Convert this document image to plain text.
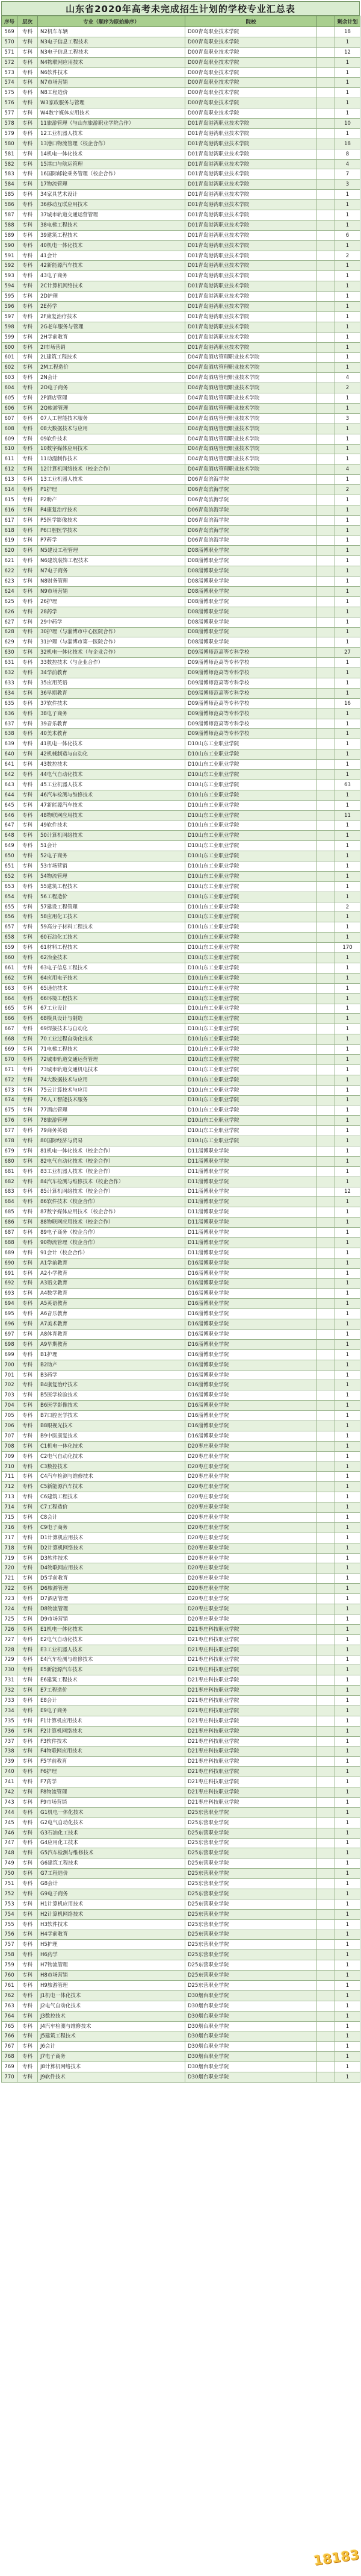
山东省2020年高考未完成招生计划的学校专业汇总表
序号	层次	专业（顺序为原始排序）	院校		剩余计划
569	专科	N2机车车辆	D00青岛职业技术学院		18
570	专科	N3电子信息工程技术	D00青岛职业技术学院		1
571	专科	N3电子信息工程技术	D00青岛职业技术学院		12
572	专科	N4物联网应用技术	D00青岛职业技术学院		1
573	专科	N6软件技术	D00青岛职业技术学院		1
574	专科	N7市场营销	D00青岛职业技术学院		1
575	专科	N8工程造价	D00青岛职业技术学院		1
576	专科	W3家政服务与管理	D00青岛职业技术学院		1
577	专科	W4数字媒体应用技术	D00青岛职业技术学院		1
578	专科	11旅游管理（与山东旅游职业学院合作）	D01青岛港湾职业技术学院		10
579	专科	12工业机器人技术	D01青岛港湾职业技术学院		1
580	专科	13港口物流管理（校企合作）	D01青岛港湾职业技术学院		18
581	专科	14机电一体化技术	D01青岛港湾职业技术学院		8
582	专科	15港口与航运管理	D01青岛港湾职业技术学院		4
583	专科	16国际邮轮乘务管理（校企合作）	D01青岛港湾职业技术学院		7
584	专科	17物流管理	D01青岛港湾职业技术学院		3
585	专科	34家具艺术设计	D01青岛港湾职业技术学院		1
586	专科	36移动互联应用技术	D01青岛港湾职业技术学院		1
587	专科	37城市轨道交通运营管理	D01青岛港湾职业技术学院		1
588	专科	38电梯工程技术	D01青岛港湾职业技术学院		1
589	专科	39建筑工程技术	D01青岛港湾职业技术学院		6
590	专科	40机电一体化技术	D01青岛港湾职业技术学院		1
591	专科	41会计	D01青岛港湾职业技术学院		2
592	专科	42新能源汽车技术	D01青岛港湾职业技术学院		1
593	专科	43电子商务	D01青岛港湾职业技术学院		1
594	专科	2C计算机网络技术	D01青岛港湾职业技术学院		1
595	专科	2D护理	D01青岛港湾职业技术学院		1
596	专科	2E药学	D01青岛港湾职业技术学院		1
597	专科	2F康复治疗技术	D01青岛港湾职业技术学院		1
598	专科	2G老年服务与管理	D01青岛港湾职业技术学院		1
599	专科	2H学前教育	D01青岛港湾职业技术学院		1
600	专科	2I市场营销	D01青岛港湾职业技术学院		1
601	专科	2L建筑工程技术	D04青岛酒店管理职业技术学院		1
602	专科	2M工程造价	D04青岛酒店管理职业技术学院		1
603	专科	2N会计	D04青岛酒店管理职业技术学院		4
604	专科	2O电子商务	D04青岛酒店管理职业技术学院		2
605	专科	2P酒店管理	D04青岛酒店管理职业技术学院		1
606	专科	2Q旅游管理	D04青岛酒店管理职业技术学院		1
607	专科	07人工智能技术服务	D04青岛酒店管理职业技术学院		3
608	专科	08大数据技术与应用	D04青岛酒店管理职业技术学院		1
609	专科	09软件技术	D04青岛酒店管理职业技术学院		1
610	专科	10数字媒体应用技术	D04青岛酒店管理职业技术学院		1
611	专科	11动漫制作技术	D04青岛酒店管理职业技术学院		1
612	专科	12计算机网络技术（校企合作）	D04青岛酒店管理职业技术学院		4
613	专科	13工业机器人技术	D06青岛滨海学院		1
614	专科	P1护理	D06青岛滨海学院		2
615	专科	P2助产	D06青岛滨海学院		1
616	专科	P4康复治疗技术	D06青岛滨海学院		1
617	专科	P5医学影像技术	D06青岛滨海学院		1
618	专科	P6口腔医学技术	D06青岛滨海学院		1
619	专科	P7药学	D06青岛滨海学院		1
620	专科	N5建设工程管理	D08淄博职业学院		1
621	专科	N6建筑装饰工程技术	D08淄博职业学院		1
622	专科	N7电子商务	D08淄博职业学院		1
623	专科	N8财务管理	D08淄博职业学院		1
624	专科	N9市场营销	D08淄博职业学院		1
625	专科	26护理	D08淄博职业学院		1
626	专科	28药学	D08淄博职业学院		1
627	专科	29中药学	D08淄博职业学院		1
628	专科	30护理（与淄博市中心医院合作）	D08淄博职业学院		1
629	专科	31护理（与淄博市第一医院合作）	D08淄博职业学院		1
630	专科	32机电一体化技术（与企业合作）	D09淄博师范高等专科学校		27
631	专科	33数控技术（与企业合作）	D09淄博师范高等专科学校		1
632	专科	34学前教育	D09淄博师范高等专科学校		1
633	专科	35应用英语	D09淄博师范高等专科学校		1
634	专科	36早期教育	D09淄博师范高等专科学校		1
635	专科	37软件技术	D09淄博师范高等专科学校		16
636	专科	38电子商务	D09淄博师范高等专科学校		1
637	专科	39音乐教育	D09淄博师范高等专科学校		1
638	专科	40美术教育	D09淄博师范高等专科学校		1
639	专科	41机电一体化技术	D10山东工业职业学院		1
640	专科	42机械制造与自动化	D10山东工业职业学院		1
641	专科	43数控技术	D10山东工业职业学院		1
642	专科	44电气自动化技术	D10山东工业职业学院		1
643	专科	45工业机器人技术	D10山东工业职业学院		63
644	专科	46汽车检测与维修技术	D10山东工业职业学院		1
645	专科	47新能源汽车技术	D10山东工业职业学院		1
646	专科	48物联网应用技术	D10山东工业职业学院		11
647	专科	49软件技术	D10山东工业职业学院		1
648	专科	50计算机网络技术	D10山东工业职业学院		1
649	专科	51会计	D10山东工业职业学院		1
650	专科	52电子商务	D10山东工业职业学院		1
651	专科	53市场营销	D10山东工业职业学院		1
652	专科	54物流管理	D10山东工业职业学院		1
653	专科	55建筑工程技术	D10山东工业职业学院		1
654	专科	56工程造价	D10山东工业职业学院		1
655	专科	57建设工程管理	D10山东工业职业学院		2
656	专科	58应用化工技术	D10山东工业职业学院		1
657	专科	59高分子材料工程技术	D10山东工业职业学院		1
658	专科	60石油化工技术	D10山东工业职业学院		1
659	专科	61材料工程技术	D10山东工业职业学院		170
660	专科	62冶金技术	D10山东工业职业学院		1
661	专科	63电子信息工程技术	D10山东工业职业学院		1
662	专科	64应用电子技术	D10山东工业职业学院		1
663	专科	65通信技术	D10山东工业职业学院		1
664	专科	66环境工程技术	D10山东工业职业学院		1
665	专科	67工业设计	D10山东工业职业学院		1
666	专科	68模具设计与制造	D10山东工业职业学院		1
667	专科	69焊接技术与自动化	D10山东工业职业学院		1
668	专科	70工业过程自动化技术	D10山东工业职业学院		1
669	专科	71电梯工程技术	D10山东工业职业学院		1
670	专科	72城市轨道交通运营管理	D10山东工业职业学院		1
671	专科	73城市轨道交通机电技术	D10山东工业职业学院		1
672	专科	74大数据技术与应用	D10山东工业职业学院		1
673	专科	75云计算技术与应用	D10山东工业职业学院		1
674	专科	76人工智能技术服务	D10山东工业职业学院		1
675	专科	77酒店管理	D10山东工业职业学院		1
676	专科	78旅游管理	D10山东工业职业学院		1
677	专科	79商务英语	D10山东工业职业学院		1
678	专科	80国际经济与贸易	D10山东工业职业学院		1
679	专科	81机电一体化技术（校企合作）	D11淄博职业学院		1
680	专科	82电气自动化技术（校企合作）	D11淄博职业学院		1
681	专科	83工业机器人技术（校企合作）	D11淄博职业学院		1
682	专科	84汽车检测与维修技术（校企合作）	D11淄博职业学院		1
683	专科	85计算机网络技术（校企合作）	D11淄博职业学院		12
684	专科	86软件技术（校企合作）	D11淄博职业学院		1
685	专科	87数字媒体应用技术（校企合作）	D11淄博职业学院		1
686	专科	88物联网应用技术（校企合作）	D11淄博职业学院		1
687	专科	89电子商务（校企合作）	D11淄博职业学院		1
688	专科	90物流管理（校企合作）	D11淄博职业学院		1
689	专科	91会计（校企合作）	D11淄博职业学院		1
690	专科	A1学前教育	D16淄博职业学院		1
691	专科	A2小学教育	D16淄博职业学院		1
692	专科	A3语文教育	D16淄博职业学院		1
693	专科	A4数学教育	D16淄博职业学院		1
694	专科	A5英语教育	D16淄博职业学院		1
695	专科	A6音乐教育	D16淄博职业学院		1
696	专科	A7美术教育	D16淄博职业学院		1
697	专科	A8体育教育	D16淄博职业学院		1
698	专科	A9早期教育	D16淄博职业学院		1
699	专科	B1护理	D16淄博职业学院		1
700	专科	B2助产	D16淄博职业学院		1
701	专科	B3药学	D16淄博职业学院		1
702	专科	B4康复治疗技术	D16淄博职业学院		1
703	专科	B5医学检验技术	D16淄博职业学院		1
704	专科	B6医学影像技术	D16淄博职业学院		1
705	专科	B7口腔医学技术	D16淄博职业学院		1
706	专科	B8眼视光技术	D16淄博职业学院		1
707	专科	B9中医康复技术	D16淄博职业学院		1
708	专科	C1机电一体化技术	D20枣庄职业学院		1
709	专科	C2电气自动化技术	D20枣庄职业学院		1
710	专科	C3数控技术	D20枣庄职业学院		1
711	专科	C4汽车检测与维修技术	D20枣庄职业学院		1
712	专科	C5新能源汽车技术	D20枣庄职业学院		1
713	专科	C6建筑工程技术	D20枣庄职业学院		1
714	专科	C7工程造价	D20枣庄职业学院		1
715	专科	C8会计	D20枣庄职业学院		1
716	专科	C9电子商务	D20枣庄职业学院		1
717	专科	D1计算机应用技术	D20枣庄职业学院		1
718	专科	D2计算机网络技术	D20枣庄职业学院		1
719	专科	D3软件技术	D20枣庄职业学院		1
720	专科	D4物联网应用技术	D20枣庄职业学院		1
721	专科	D5学前教育	D20枣庄职业学院		1
722	专科	D6旅游管理	D20枣庄职业学院		1
723	专科	D7酒店管理	D20枣庄职业学院		1
724	专科	D8物流管理	D20枣庄职业学院		1
725	专科	D9市场营销	D20枣庄职业学院		1
726	专科	E1机电一体化技术	D21枣庄科技职业学院		1
727	专科	E2电气自动化技术	D21枣庄科技职业学院		1
728	专科	E3工业机器人技术	D21枣庄科技职业学院		1
729	专科	E4汽车检测与维修技术	D21枣庄科技职业学院		1
730	专科	E5新能源汽车技术	D21枣庄科技职业学院		1
731	专科	E6建筑工程技术	D21枣庄科技职业学院		1
732	专科	E7工程造价	D21枣庄科技职业学院		1
733	专科	E8会计	D21枣庄科技职业学院		1
734	专科	E9电子商务	D21枣庄科技职业学院		1
735	专科	F1计算机应用技术	D21枣庄科技职业学院		1
736	专科	F2计算机网络技术	D21枣庄科技职业学院		1
737	专科	F3软件技术	D21枣庄科技职业学院		1
738	专科	F4物联网应用技术	D21枣庄科技职业学院		1
739	专科	F5学前教育	D21枣庄科技职业学院		1
740	专科	F6护理	D21枣庄科技职业学院		1
741	专科	F7药学	D21枣庄科技职业学院		1
742	专科	F8物流管理	D21枣庄科技职业学院		1
743	专科	F9市场营销	D21枣庄科技职业学院		1
744	专科	G1机电一体化技术	D25东营职业学院		1
745	专科	G2电气自动化技术	D25东营职业学院		1
746	专科	G3石油化工技术	D25东营职业学院		1
747	专科	G4应用化工技术	D25东营职业学院		1
748	专科	G5汽车检测与维修技术	D25东营职业学院		1
749	专科	G6建筑工程技术	D25东营职业学院		1
750	专科	G7工程造价	D25东营职业学院		1
751	专科	G8会计	D25东营职业学院		1
752	专科	G9电子商务	D25东营职业学院		1
753	专科	H1计算机应用技术	D25东营职业学院		1
754	专科	H2计算机网络技术	D25东营职业学院		1
755	专科	H3软件技术	D25东营职业学院		1
756	专科	H4学前教育	D25东营职业学院		1
757	专科	H5护理	D25东营职业学院		1
758	专科	H6药学	D25东营职业学院		1
759	专科	H7物流管理	D25东营职业学院		1
760	专科	H8市场营销	D25东营职业学院		1
761	专科	H9旅游管理	D25东营职业学院		1
762	专科	J1机电一体化技术	D30烟台职业学院		1
763	专科	J2电气自动化技术	D30烟台职业学院		1
764	专科	J3数控技术	D30烟台职业学院		1
765	专科	J4汽车检测与维修技术	D30烟台职业学院		1
766	专科	J5建筑工程技术	D30烟台职业学院		1
767	专科	J6会计	D30烟台职业学院		1
768	专科	J7电子商务	D30烟台职业学院		1
769	专科	J8计算机网络技术	D30烟台职业学院		1
770	专科	J9软件技术	D30烟台职业学院		1
18183
